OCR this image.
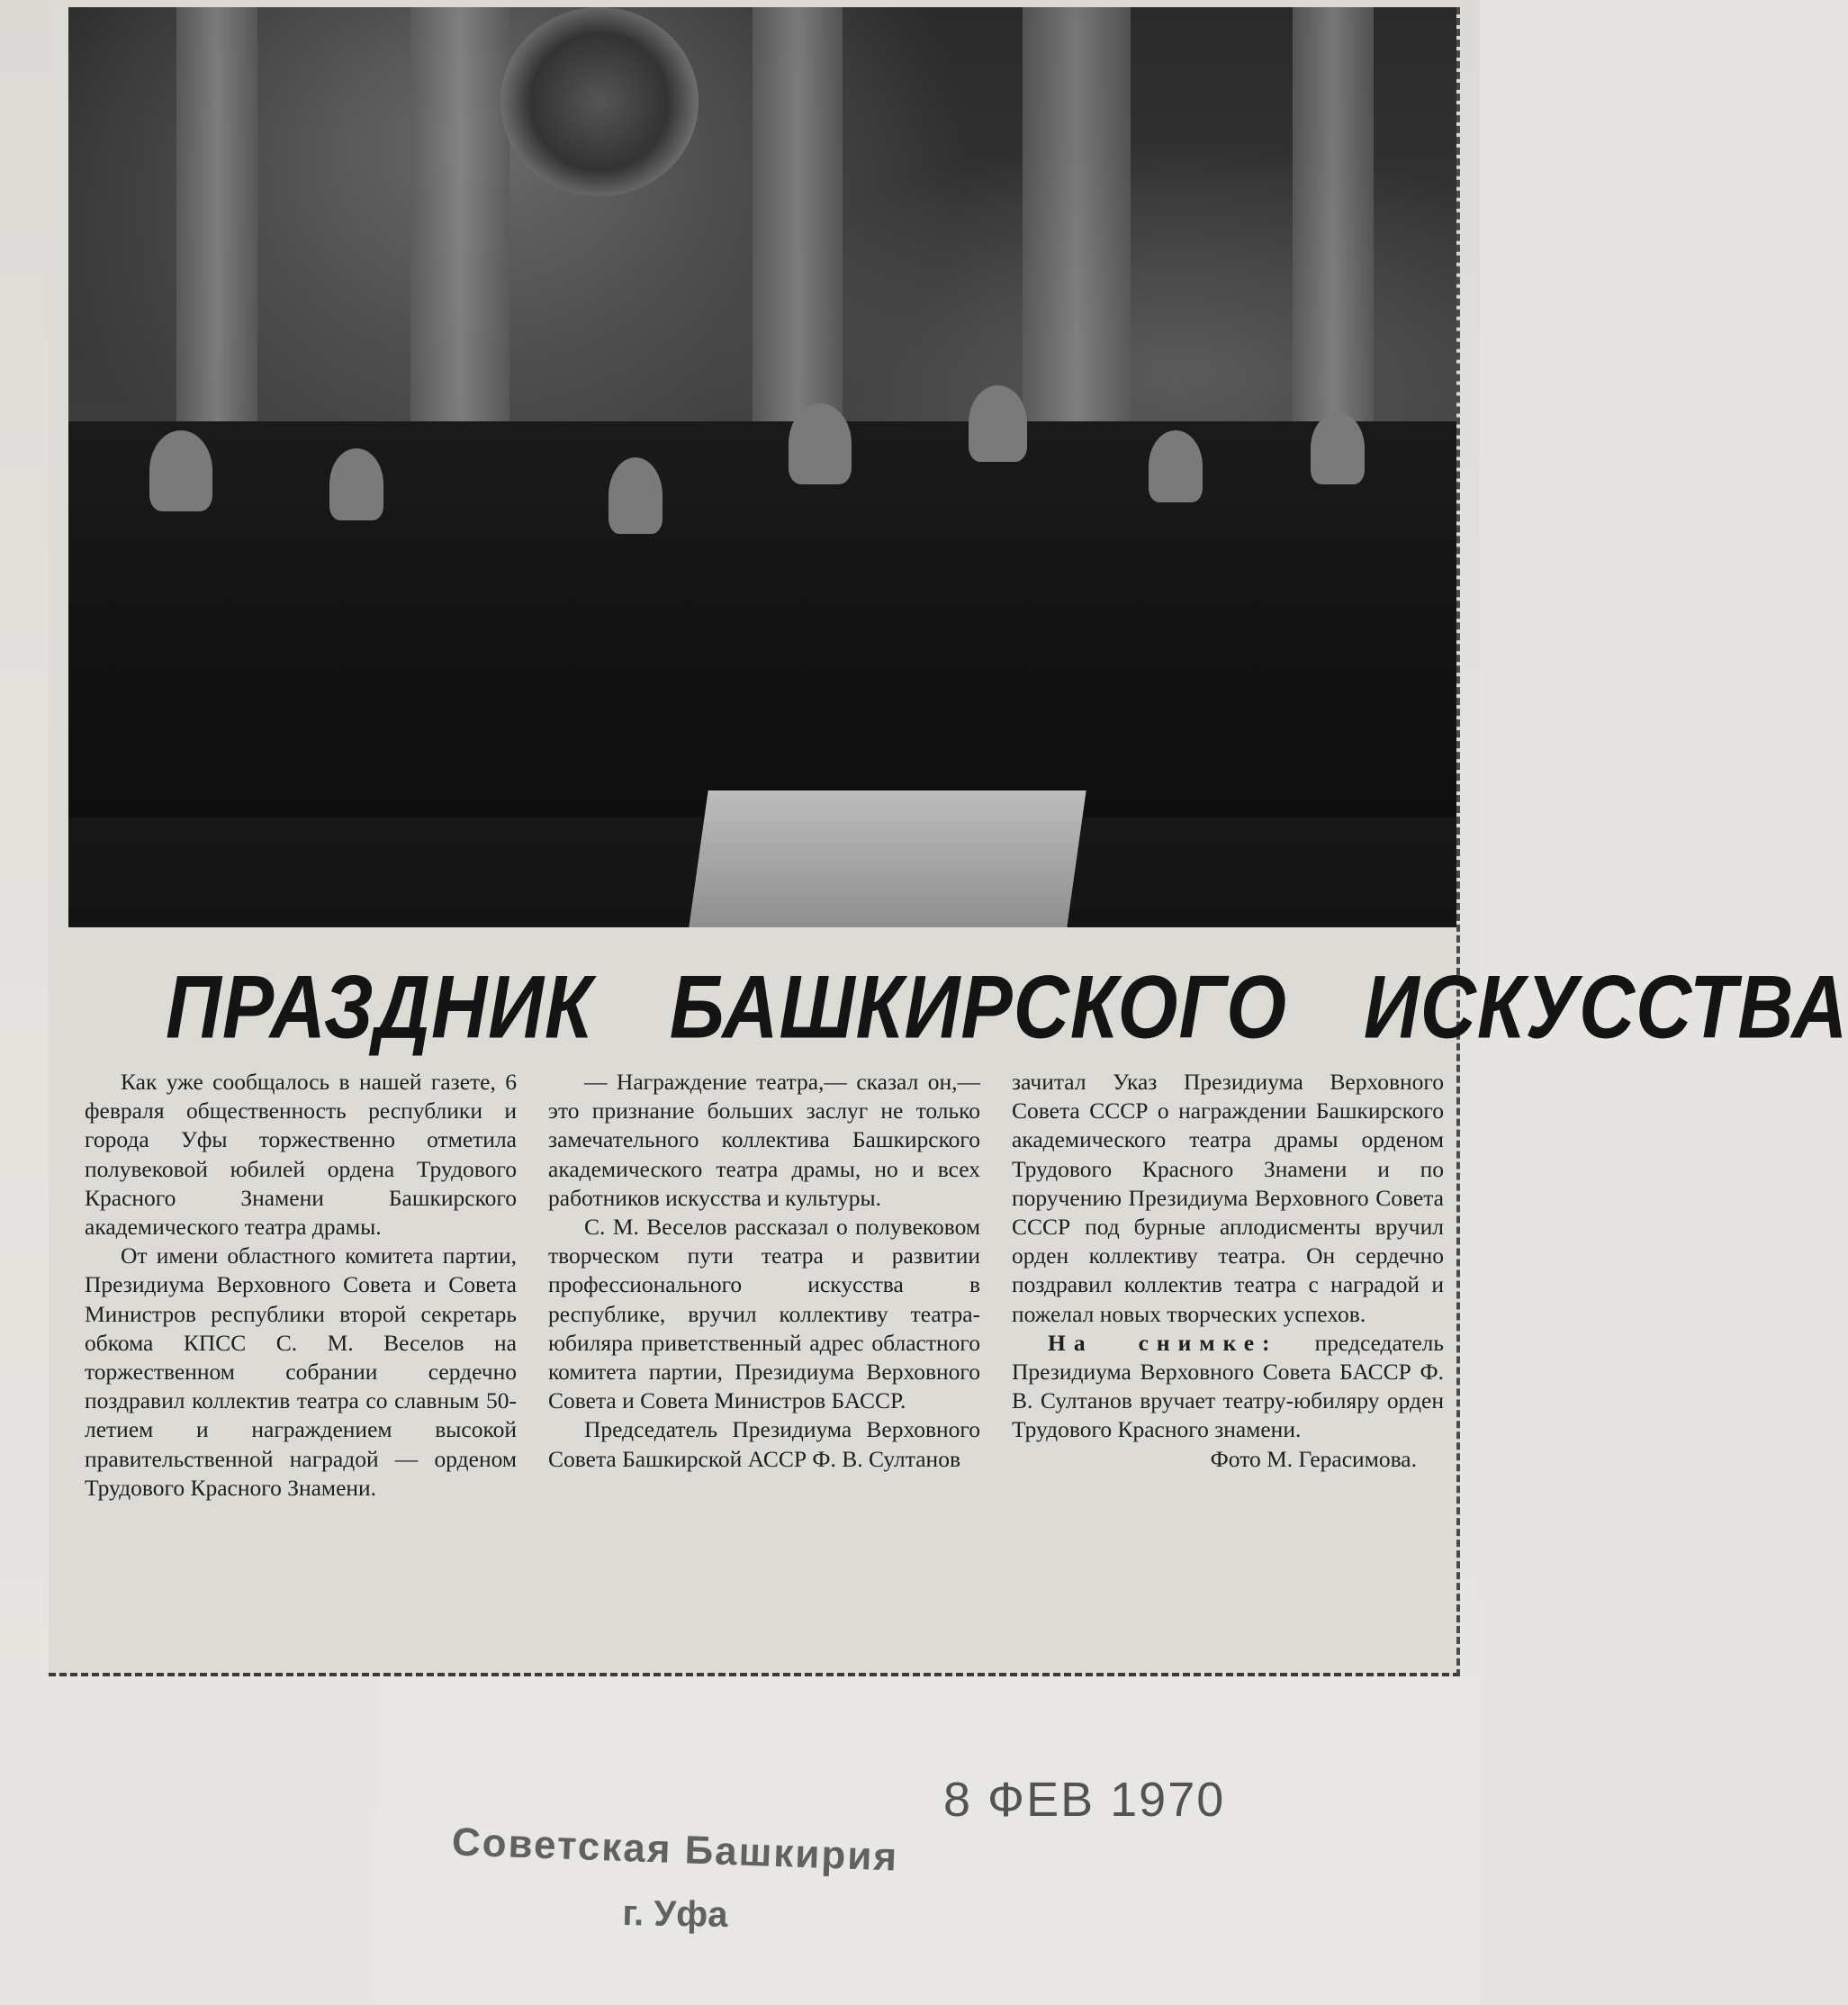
ПРАЗДНИК БАШКИРСКОГО ИСКУССТВА

Как уже сообщалось в нашей газете, 6 февраля общественность республики и города Уфы торжественно отметила полувековой юбилей ордена Трудового Красного Знамени Башкирского академического театра драмы.

От имени областного комитета партии, Президиума Верховного Совета и Совета Министров республики второй секретарь обкома КПСС С. М. Веселов на торжественном собрании сердечно поздравил коллектив театра со славным 50-летием и награждением высокой правительственной наградой — орденом Трудового Красного Знамени.

— Награждение театра,— сказал он,— это признание больших заслуг не только замечательного коллектива Башкирского академического театра драмы, но и всех работников искусства и культуры.

С. М. Веселов рассказал о полувековом творческом пути театра и развитии профессионального искусства в республике, вручил коллективу театра-юбиляра приветственный адрес областного комитета партии, Президиума Верховного Совета и Совета Министров БАССР.

Председатель Президиума Верховного Совета Башкирской АССР Ф. В. Султанов

зачитал Указ Президиума Верховного Совета СССР о награждении Башкирского академического театра драмы орденом Трудового Красного Знамени и по поручению Президиума Верховного Совета СССР под бурные аплодисменты вручил орден коллективу театра. Он сердечно поздравил коллектив театра с наградой и пожелал новых творческих успехов.

На снимке: председатель Президиума Верховного Совета БАССР Ф. В. Султанов вручает театру-юбиляру орден Трудового Красного знамени.

Фото М. Герасимова.

8 ФЕВ 1970
Советская Башкирия
г. Уфа
